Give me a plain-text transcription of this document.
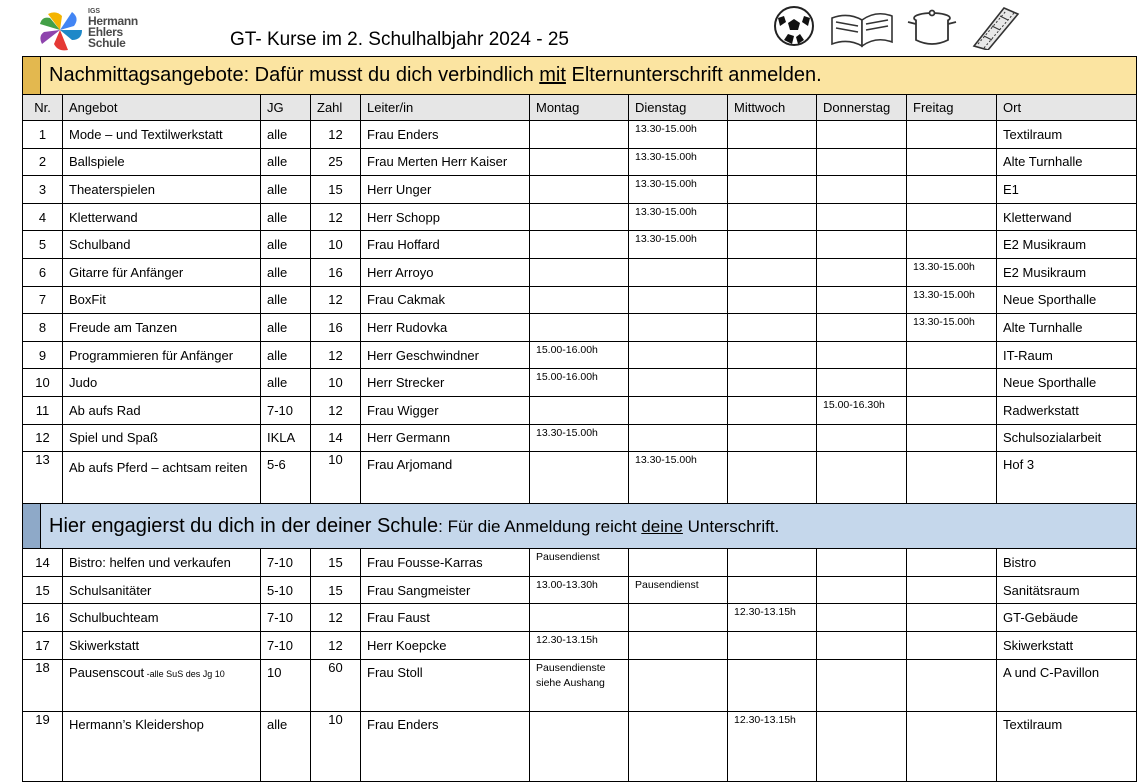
IGS
Hermann
Ehlers
Schule	GT- Kurse im 2. Schulhalbjahr 2024 - 25
	Nachmittagsangebote: Dafür musst du dich verbindlich mit Elternunterschrift anmelden.										
Nr.		Angebot	JG	Zahl	Leiter/in	Montag	Dienstag	Mittwoch	Donnerstag	Freitag	Ort
1		Mode – und Textilwerkstatt	alle	12	Frau Enders		13.30-15.00h				Textilraum
2		Ballspiele	alle	25	Frau Merten Herr Kaiser		13.30-15.00h				Alte Turnhalle
3		Theaterspielen	alle	15	Herr Unger		13.30-15.00h				E1
4		Kletterwand	alle	12	Herr Schopp		13.30-15.00h				Kletterwand
5		Schulband	alle	10	Frau Hoffard		13.30-15.00h				E2 Musikraum
6		Gitarre für Anfänger	alle	16	Herr Arroyo					13.30-15.00h	E2 Musikraum
7		BoxFit	alle	12	Frau Cakmak					13.30-15.00h	Neue Sporthalle
8		Freude am Tanzen	alle	16	Herr Rudovka					13.30-15.00h	Alte Turnhalle
9		Programmieren für Anfänger	alle	12	Herr Geschwindner	15.00-16.00h					IT-Raum
10		Judo	alle	10	Herr Strecker	15.00-16.00h					Neue Sporthalle
11		Ab aufs Rad	7-10	12	Frau Wigger				15.00-16.30h		Radwerkstatt
12		Spiel und Spaß	IKLA	14	Herr Germann	13.30-15.00h					Schulsozialarbeit
13		Ab aufs Pferd – achtsam reiten	5-6	10	Frau Arjomand		13.30-15.00h				Hof 3
	Hier engagierst du dich in der deiner Schule: Für die Anmeldung reicht deine Unterschrift.										
14		Bistro: helfen und verkaufen	7-10	15	Frau Fousse-Karras	Pausendienst					Bistro
15		Schulsanitäter	5-10	15	Frau Sangmeister	13.00-13.30h	Pausendienst				Sanitätsraum
16		Schulbuchteam	7-10	12	Frau Faust			12.30-13.15h			GT-Gebäude
17		Skiwerkstatt	7-10	12	Herr Koepcke	12.30-13.15h					Skiwerkstatt
18		Pausenscout -alle SuS des Jg 10	10	60	Frau Stoll	Pausendienste
siehe Aushang					A und C-Pavillon
19		Hermann’s Kleidershop	alle	10	Frau Enders			12.30-13.15h			Textilraum
